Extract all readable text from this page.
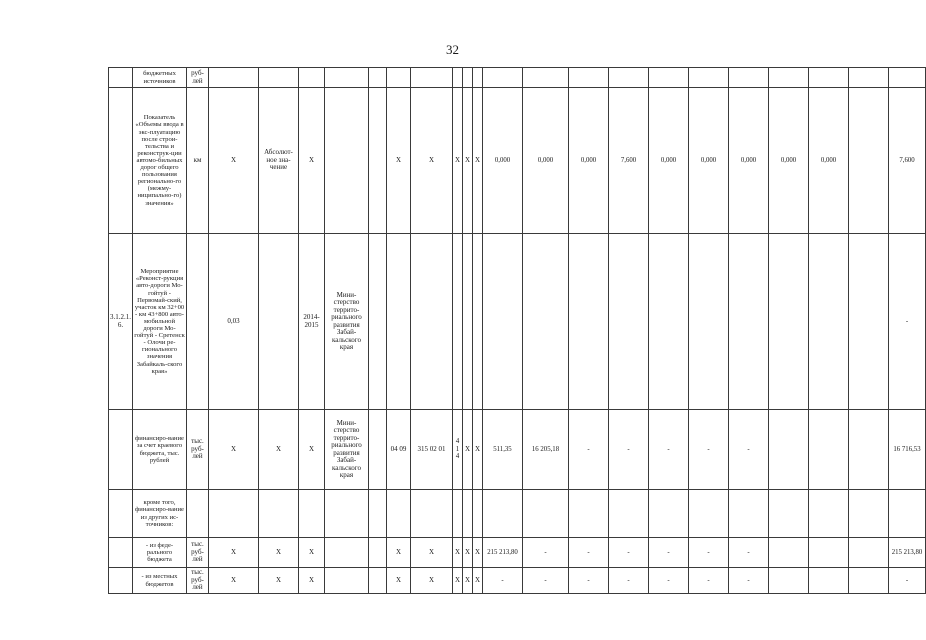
32
	бюджетных источников	руб-лей																					
	Показатель «Объемы ввода в экс-плуатацию после строи-тельства и реконструк-ции автомо-бильных дорог общего пользования регионально-го (межму-ниципально-го) значения»	км	X	Абсолют-ное зна-чение	X			X	X	X	X	X	0,000	0,000	0,000	7,600	0,000	0,000	0,000	0,000	0,000		7,600
3.1.2.1.6.	Мероприятие «Реконст-рукция авто-дороги Мо-гойтуй - Первомай-ский, участок км 32+00 - км 43+800 авто-мобильной дороги Мо-гойтуй - Сретенск - Олочи ре-гионального значения Забайкаль-ского края»		0,03		2014-2015	Мини-стерство террито-риального развития Забай-кальского края																	-
	финансиро-вание за счет краевого бюджета, тыс. рублей	тыс. руб-лей	X	X	X	Мини-стерство террито-риального развития Забай-кальского края		04 09	315 02 01	4 1 4	X	X	511,35	16 205,18	-	-	-	-	-				16 716,53
	кроме того, финансиро-вание из других ис-точников:																						
	- из феде-рального бюджета	тыс. руб-лей	X	X	X			X	X	X	X	X	215 213,80	-	-	-	-	-	-				215 213,80
	- из местных бюджетов	тыс. руб-лей	X	X	X			X	X	X	X	X	-	-	-	-	-	-	-				-
